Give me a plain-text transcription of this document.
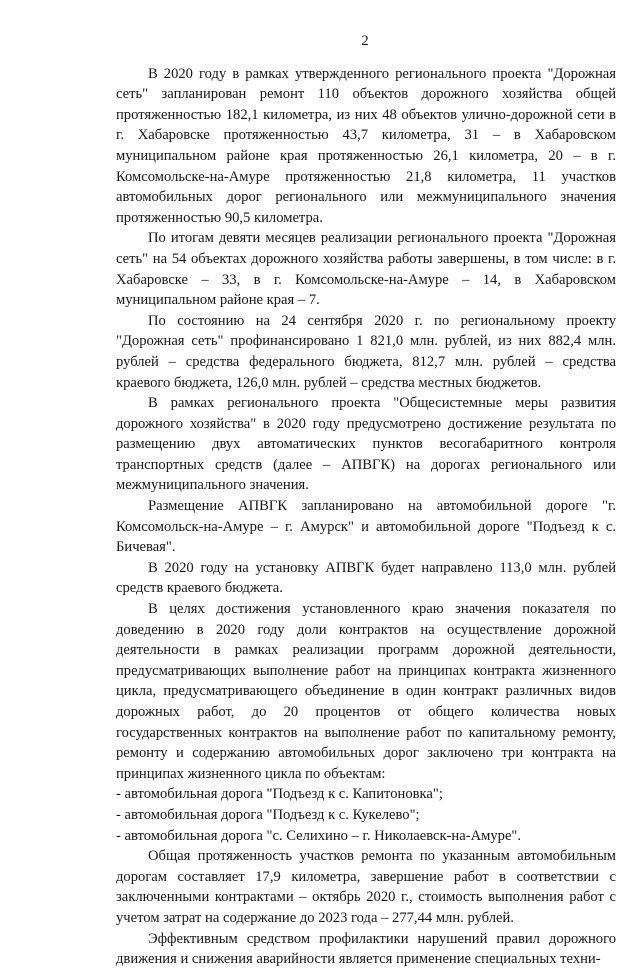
2

В 2020 году в рамках утвержденного регионального проекта "Дорожная сеть" запланирован ремонт 110 объектов дорожного хозяйства общей протяженностью 182,1 километра, из них 48 объектов улично-дорожной сети в г. Хабаровске протяженностью 43,7 километра, 31 – в Хабаровском муниципальном районе края протяженностью 26,1 километра, 20 – в г. Комсомольске-на-Амуре протяженностью 21,8 километра, 11 участков автомобильных дорог регионального или межмуниципального значения протяженностью 90,5 километра.

По итогам девяти месяцев реализации регионального проекта "Дорожная сеть" на 54 объектах дорожного хозяйства работы завершены, в том числе: в г. Хабаровске – 33, в г. Комсомольске-на-Амуре – 14, в Хабаровском муниципальном районе края – 7.

По состоянию на 24 сентября 2020 г. по региональному проекту "Дорожная сеть" профинансировано 1 821,0 млн. рублей, из них 882,4 млн. рублей – средства федерального бюджета, 812,7 млн. рублей – средства краевого бюджета, 126,0 млн. рублей – средства местных бюджетов.

В рамках регионального проекта "Общесистемные меры развития дорожного хозяйства" в 2020 году предусмотрено достижение результата по размещению двух автоматических пунктов весогабаритного контроля транспортных средств (далее – АПВГК) на дорогах регионального или межмуниципального значения.

Размещение АПВГК запланировано на автомобильной дороге "г. Комсомольск-на-Амуре – г. Амурск" и автомобильной дороге "Подъезд к с. Бичевая".

В 2020 году на установку АПВГК будет направлено 113,0 млн. рублей средств краевого бюджета.

В целях достижения установленного краю значения показателя по доведению в 2020 году доли контрактов на осуществление дорожной деятельности в рамках реализации программ дорожной деятельности, предусматривающих выполнение работ на принципах контракта жизненного цикла, предусматривающего объединение в один контракт различных видов дорожных работ, до 20 процентов от общего количества новых государственных контрактов на выполнение работ по капитальному ремонту, ремонту и содержанию автомобильных дорог заключено три контракта на принципах жизненного цикла по объектам:

- автомобильная дорога "Подъезд к с. Капитоновка";

- автомобильная дорога "Подъезд к с. Кукелево";

- автомобильная дорога "с. Селихино – г. Николаевск-на-Амуре".

Общая протяженность участков ремонта по указанным автомобильным дорогам составляет 17,9 километра, завершение работ в соответствии с заключенными контрактами – октябрь 2020 г., стоимость выполнения работ с учетом затрат на содержание до 2023 года – 277,44 млн. рублей.

Эффективным средством профилактики нарушений правил дорожного движения и снижения аварийности является применение специальных техни-
